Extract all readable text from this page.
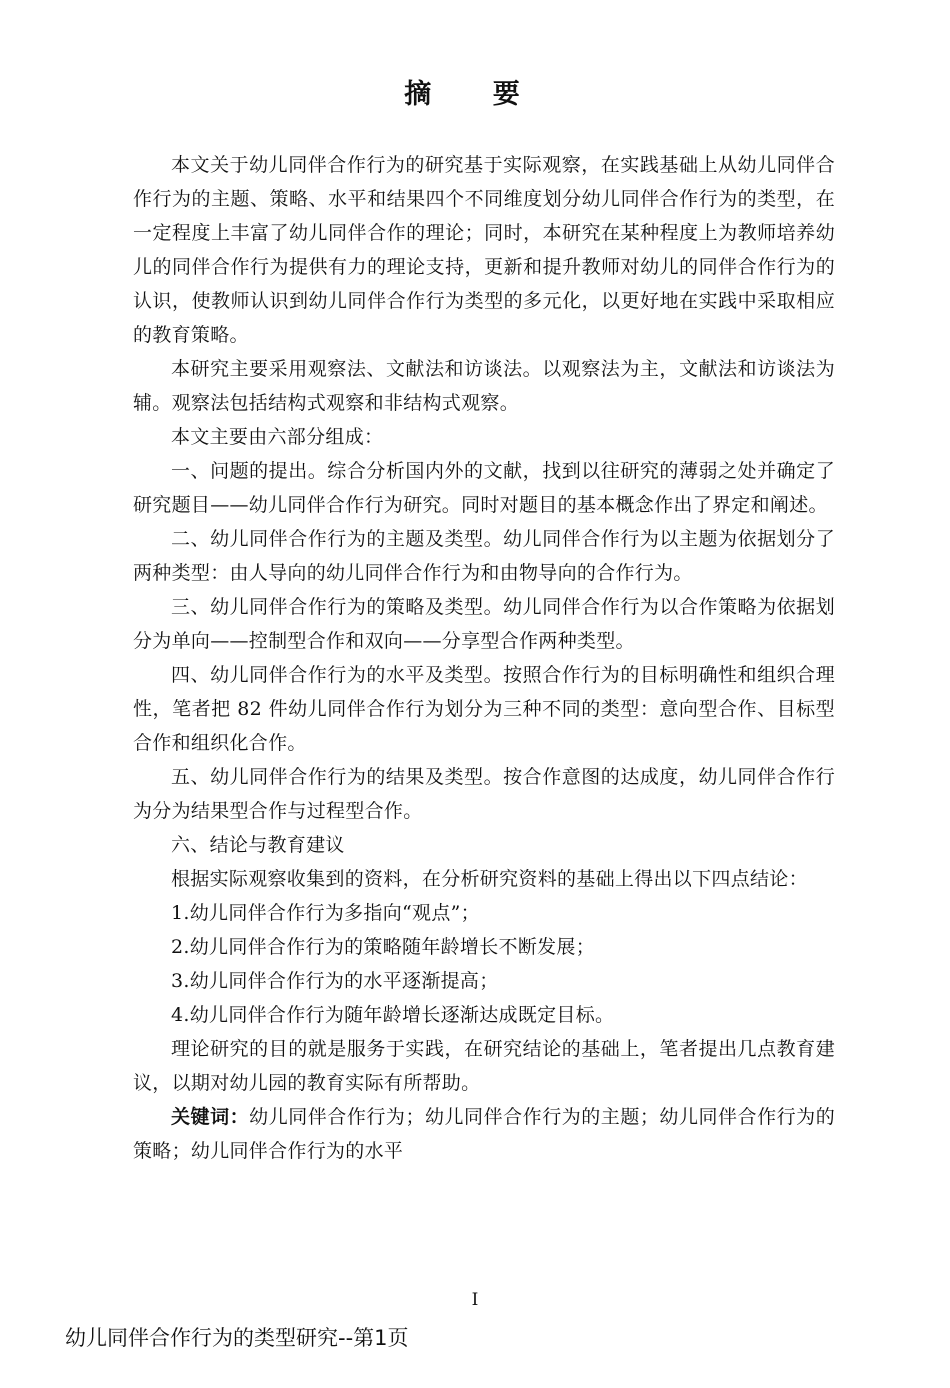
摘 要

本文关于幼儿同伴合作行为的研究基于实际观察，在实践基础上从幼儿同伴合作行为的主题、策略、水平和结果四个不同维度划分幼儿同伴合作行为的类型，在一定程度上丰富了幼儿同伴合作的理论；同时，本研究在某种程度上为教师培养幼儿的同伴合作行为提供有力的理论支持，更新和提升教师对幼儿的同伴合作行为的认识，使教师认识到幼儿同伴合作行为类型的多元化，以更好地在实践中采取相应的教育策略。

本研究主要采用观察法、文献法和访谈法。以观察法为主，文献法和访谈法为辅。观察法包括结构式观察和非结构式观察。

本文主要由六部分组成：

一、问题的提出。综合分析国内外的文献，找到以往研究的薄弱之处并确定了研究题目——幼儿同伴合作行为研究。同时对题目的基本概念作出了界定和阐述。

二、幼儿同伴合作行为的主题及类型。幼儿同伴合作行为以主题为依据划分了两种类型：由人导向的幼儿同伴合作行为和由物导向的合作行为。

三、幼儿同伴合作行为的策略及类型。幼儿同伴合作行为以合作策略为依据划分为单向——控制型合作和双向——分享型合作两种类型。

四、幼儿同伴合作行为的水平及类型。按照合作行为的目标明确性和组织合理性，笔者把 82 件幼儿同伴合作行为划分为三种不同的类型：意向型合作、目标型合作和组织化合作。

五、幼儿同伴合作行为的结果及类型。按合作意图的达成度，幼儿同伴合作行为分为结果型合作与过程型合作。

六、结论与教育建议

根据实际观察收集到的资料，在分析研究资料的基础上得出以下四点结论：

1.幼儿同伴合作行为多指向“观点”；

2.幼儿同伴合作行为的策略随年龄增长不断发展；

3.幼儿同伴合作行为的水平逐渐提高；

4.幼儿同伴合作行为随年龄增长逐渐达成既定目标。

理论研究的目的就是服务于实践，在研究结论的基础上，笔者提出几点教育建议，以期对幼儿园的教育实际有所帮助。

关键词：幼儿同伴合作行为；幼儿同伴合作行为的主题；幼儿同伴合作行为的策略；幼儿同伴合作行为的水平

I
幼儿同伴合作行为的类型研究--第1页
